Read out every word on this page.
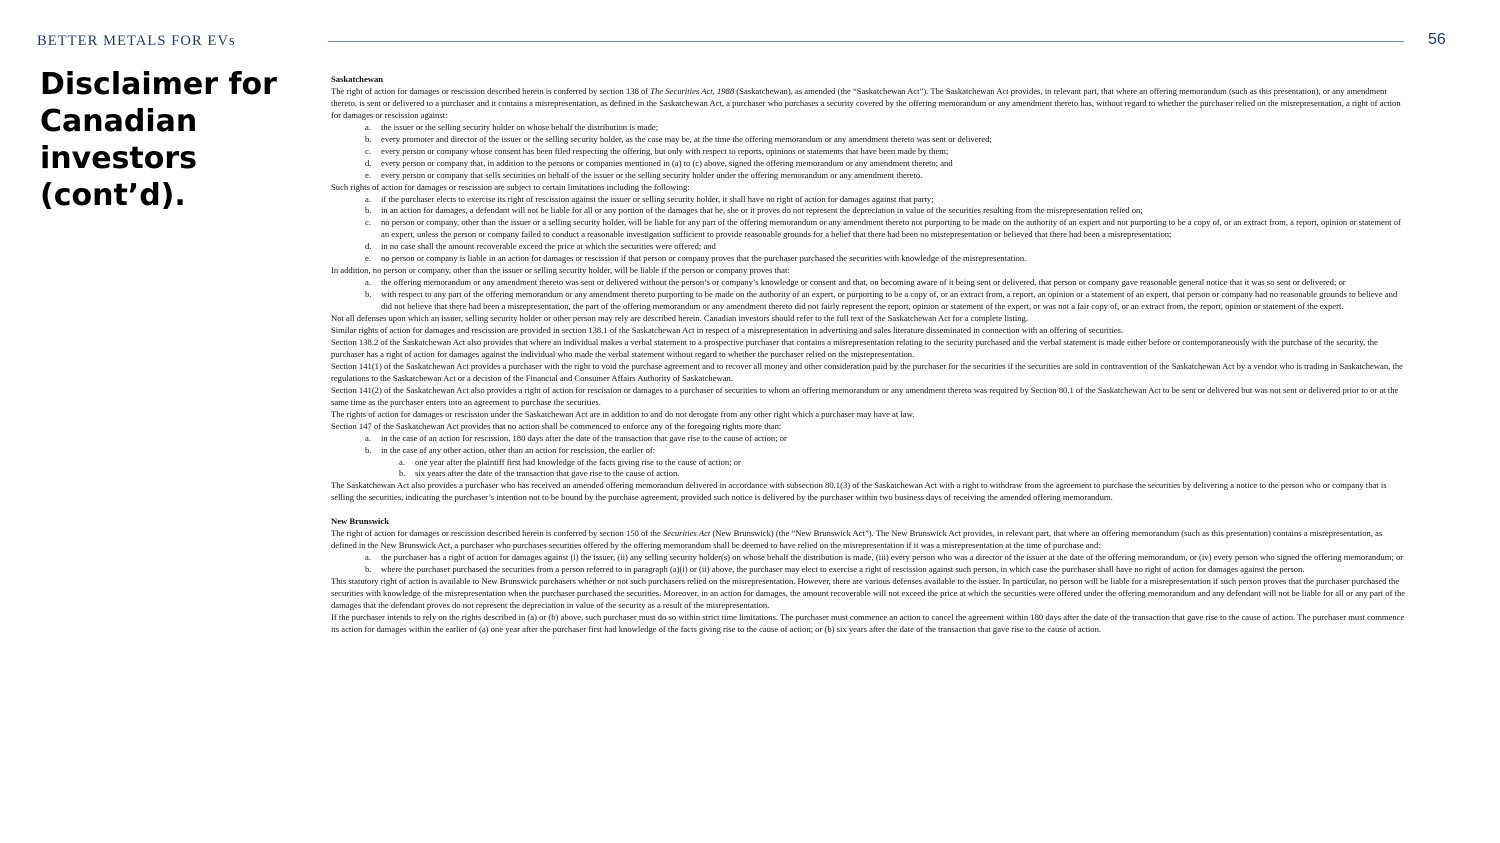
BETTER METALS FOR EVs	56
Disclaimer for
Canadian
investors
(cont’d).

Saskatchewan

The right of action for damages or rescission described herein is conferred by section 138 of The Securities Act, 1988 (Saskatchewan), as amended (the “Saskatchewan Act”). The Saskatchewan Act provides, in relevant part, that where an offering memorandum (such as this presentation), or any amendment thereto, is sent or delivered to a purchaser and it contains a misrepresentation, as defined in the Saskatchewan Act, a purchaser who purchases a security covered by the offering memorandum or any amendment thereto has, without regard to whether the purchaser relied on the misrepresentation, a right of action for damages or rescission against:

a.	the issuer or the selling security holder on whose behalf the distribution is made;
b.	every promoter and director of the issuer or the selling security holder, as the case may be, at the time the offering memorandum or any amendment thereto was sent or delivered;
c.	every person or company whose consent has been filed respecting the offering, but only with respect to reports, opinions or statements that have been made by them;
d.	every person or company that, in addition to the persons or companies mentioned in (a) to (c) above, signed the offering memorandum or any amendment thereto; and
e.	every person or company that sells securities on behalf of the issuer or the selling security holder under the offering memorandum or any amendment thereto.

Such rights of action for damages or rescission are subject to certain limitations including the following:

a.	if the purchaser elects to exercise its right of rescission against the issuer or selling security holder, it shall have no right of action for damages against that party;
b.	in an action for damages, a defendant will not be liable for all or any portion of the damages that he, she or it proves do not represent the depreciation in value of the securities resulting from the misrepresentation relied on;
c.	no person or company, other than the issuer or a selling security holder, will be liable for any part of the offering memorandum or any amendment thereto not purporting to be made on the authority of an expert and not purporting to be a copy of, or an extract from, a report, opinion or statement of an expert, unless the person or company failed to conduct a reasonable investigation sufficient to provide reasonable grounds for a belief that there had been no misrepresentation or believed that there had been a misrepresentation;
d.	in no case shall the amount recoverable exceed the price at which the securities were offered; and
e.	no person or company is liable in an action for damages or rescission if that person or company proves that the purchaser purchased the securities with knowledge of the misrepresentation.

In addition, no person or company, other than the issuer or selling security holder, will be liable if the person or company proves that:

a.	the offering memorandum or any amendment thereto was sent or delivered without the person’s or company’s knowledge or consent and that, on becoming aware of it being sent or delivered, that person or company gave reasonable general notice that it was so sent or delivered; or
b.	with respect to any part of the offering memorandum or any amendment thereto purporting to be made on the authority of an expert, or purporting to be a copy of, or an extract from, a report, an opinion or a statement of an expert, that person or company had no reasonable grounds to believe and did not believe that there had been a misrepresentation, the part of the offering memorandum or any amendment thereto did not fairly represent the report, opinion or statement of the expert, or was not a fair copy of, or an extract from, the report, opinion or statement of the expert.

Not all defenses upon which an issuer, selling security holder or other person may rely are described herein. Canadian investors should refer to the full text of the Saskatchewan Act for a complete listing.

Similar rights of action for damages and rescission are provided in section 138.1 of the Saskatchewan Act in respect of a misrepresentation in advertising and sales literature disseminated in connection with an offering of securities.

Section 138.2 of the Saskatchewan Act also provides that where an individual makes a verbal statement to a prospective purchaser that contains a misrepresentation relating to the security purchased and the verbal statement is made either before or contemporaneously with the purchase of the security, the purchaser has a right of action for damages against the individual who made the verbal statement without regard to whether the purchaser relied on the misrepresentation.

Section 141(1) of the Saskatchewan Act provides a purchaser with the right to void the purchase agreement and to recover all money and other consideration paid by the purchaser for the securities if the securities are sold in contravention of the Saskatchewan Act by a vendor who is trading in Saskatchewan, the regulations to the Saskatchewan Act or a decision of the Financial and Consumer Affairs Authority of Saskatchewan.

Section 141(2) of the Saskatchewan Act also provides a right of action for rescission or damages to a purchaser of securities to whom an offering memorandum or any amendment thereto was required by Section 80.1 of the Saskatchewan Act to be sent or delivered but was not sent or delivered prior to or at the same time as the purchaser enters into an agreement to purchase the securities.

The rights of action for damages or rescission under the Saskatchewan Act are in addition to and do not derogate from any other right which a purchaser may have at law.

Section 147 of the Saskatchewan Act provides that no action shall be commenced to enforce any of the foregoing rights more than:

a.	in the case of an action for rescission, 180 days after the date of the transaction that gave rise to the cause of action; or
b.	in the case of any other action, other than an action for rescission, the earlier of:
a.	one year after the plaintiff first had knowledge of the facts giving rise to the cause of action; or
b.	six years after the date of the transaction that gave rise to the cause of action.

The Saskatchewan Act also provides a purchaser who has received an amended offering memorandum delivered in accordance with subsection 80.1(3) of the Saskatchewan Act with a right to withdraw from the agreement to purchase the securities by delivering a notice to the person who or company that is selling the securities, indicating the purchaser’s intention not to be bound by the purchase agreement, provided such notice is delivered by the purchaser within two business days of receiving the amended offering memorandum.

New Brunswick

The right of action for damages or rescission described herein is conferred by section 150 of the Securities Act (New Brunswick) (the “New Brunswick Act”). The New Brunswick Act provides, in relevant part, that where an offering memorandum (such as this presentation) contains a misrepresentation, as defined in the New Brunswick Act, a purchaser who purchases securities offered by the offering memorandum shall be deemed to have relied on the misrepresentation if it was a misrepresentation at the time of purchase and:

a.	the purchaser has a right of action for damages against (i) the issuer, (ii) any selling security holder(s) on whose behalf the distribution is made, (iii) every person who was a director of the issuer at the date of the offering memorandum, or (iv) every person who signed the offering memorandum; or
b.	where the purchaser purchased the securities from a person referred to in paragraph (a)(i) or (ii) above, the purchaser may elect to exercise a right of rescission against such person, in which case the purchaser shall have no right of action for damages against the person.

This statutory right of action is available to New Brunswick purchasers whether or not such purchasers relied on the misrepresentation. However, there are various defenses available to the issuer. In particular, no person will be liable for a misrepresentation if such person proves that the purchaser purchased the securities with knowledge of the misrepresentation when the purchaser purchased the securities. Moreover, in an action for damages, the amount recoverable will not exceed the price at which the securities were offered under the offering memorandum and any defendant will not be liable for all or any part of the damages that the defendant proves do not represent the depreciation in value of the security as a result of the misrepresentation.

If the purchaser intends to rely on the rights described in (a) or (b) above, such purchaser must do so within strict time limitations. The purchaser must commence an action to cancel the agreement within 180 days after the date of the transaction that gave rise to the cause of action. The purchaser must commence its action for damages within the earlier of (a) one year after the purchaser first had knowledge of the facts giving rise to the cause of action; or (b) six years after the date of the transaction that gave rise to the cause of action.
